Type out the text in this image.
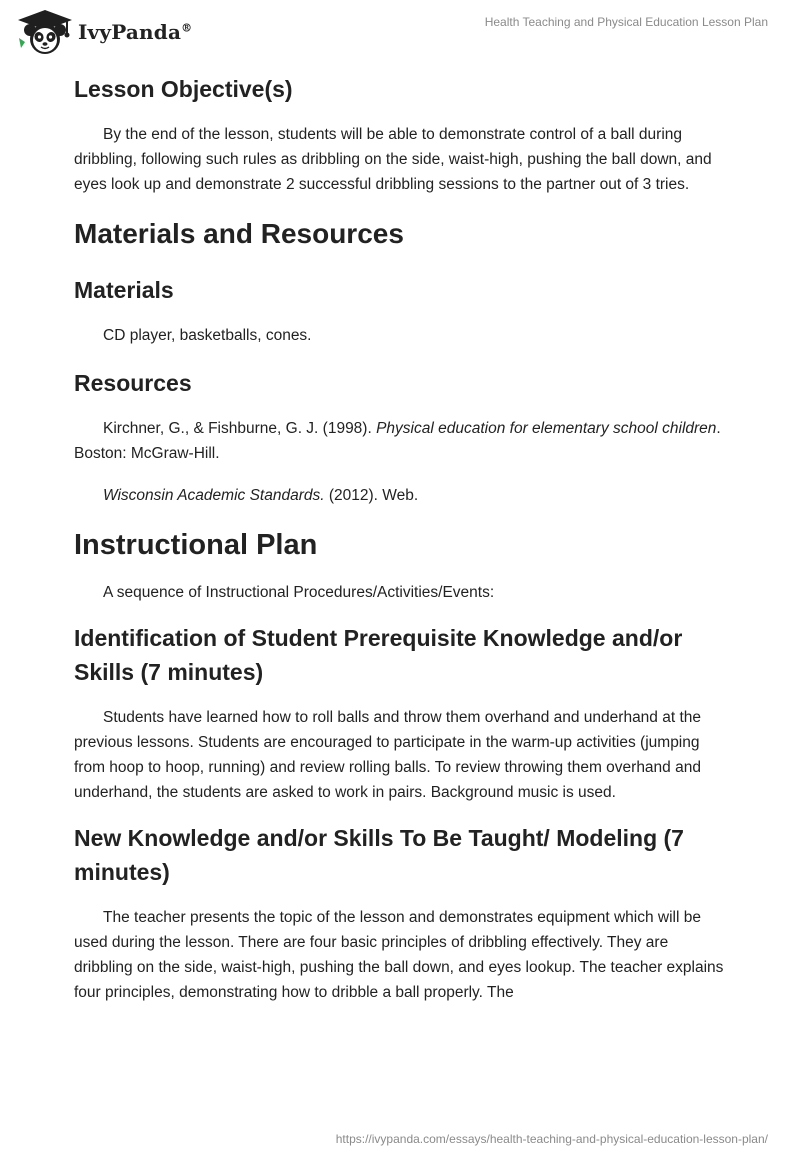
IvyPanda®	Health Teaching and Physical Education Lesson Plan
Lesson Objective(s)

By the end of the lesson, students will be able to demonstrate control of a ball during dribbling, following such rules as dribbling on the side, waist-high, pushing the ball down, and eyes look up and demonstrate 2 successful dribbling sessions to the partner out of 3 tries.

Materials and Resources
Materials

CD player, basketballs, cones.

Resources

Kirchner, G., & Fishburne, G. J. (1998). Physical education for elementary school children. Boston: McGraw-Hill.

Wisconsin Academic Standards. (2012). Web.

Instructional Plan

A sequence of Instructional Procedures/Activities/Events:

Identification of Student Prerequisite Knowledge and/or Skills (7 minutes)

Students have learned how to roll balls and throw them overhand and underhand at the previous lessons. Students are encouraged to participate in the warm-up activities (jumping from hoop to hoop, running) and review rolling balls. To review throwing them overhand and underhand, the students are asked to work in pairs. Background music is used.

New Knowledge and/or Skills To Be Taught/ Modeling (7 minutes)

The teacher presents the topic of the lesson and demonstrates equipment which will be used during the lesson. There are four basic principles of dribbling effectively. They are dribbling on the side, waist-high, pushing the ball down, and eyes lookup. The teacher explains four principles, demonstrating how to dribble a ball properly. The

https://ivypanda.com/essays/health-teaching-and-physical-education-lesson-plan/
